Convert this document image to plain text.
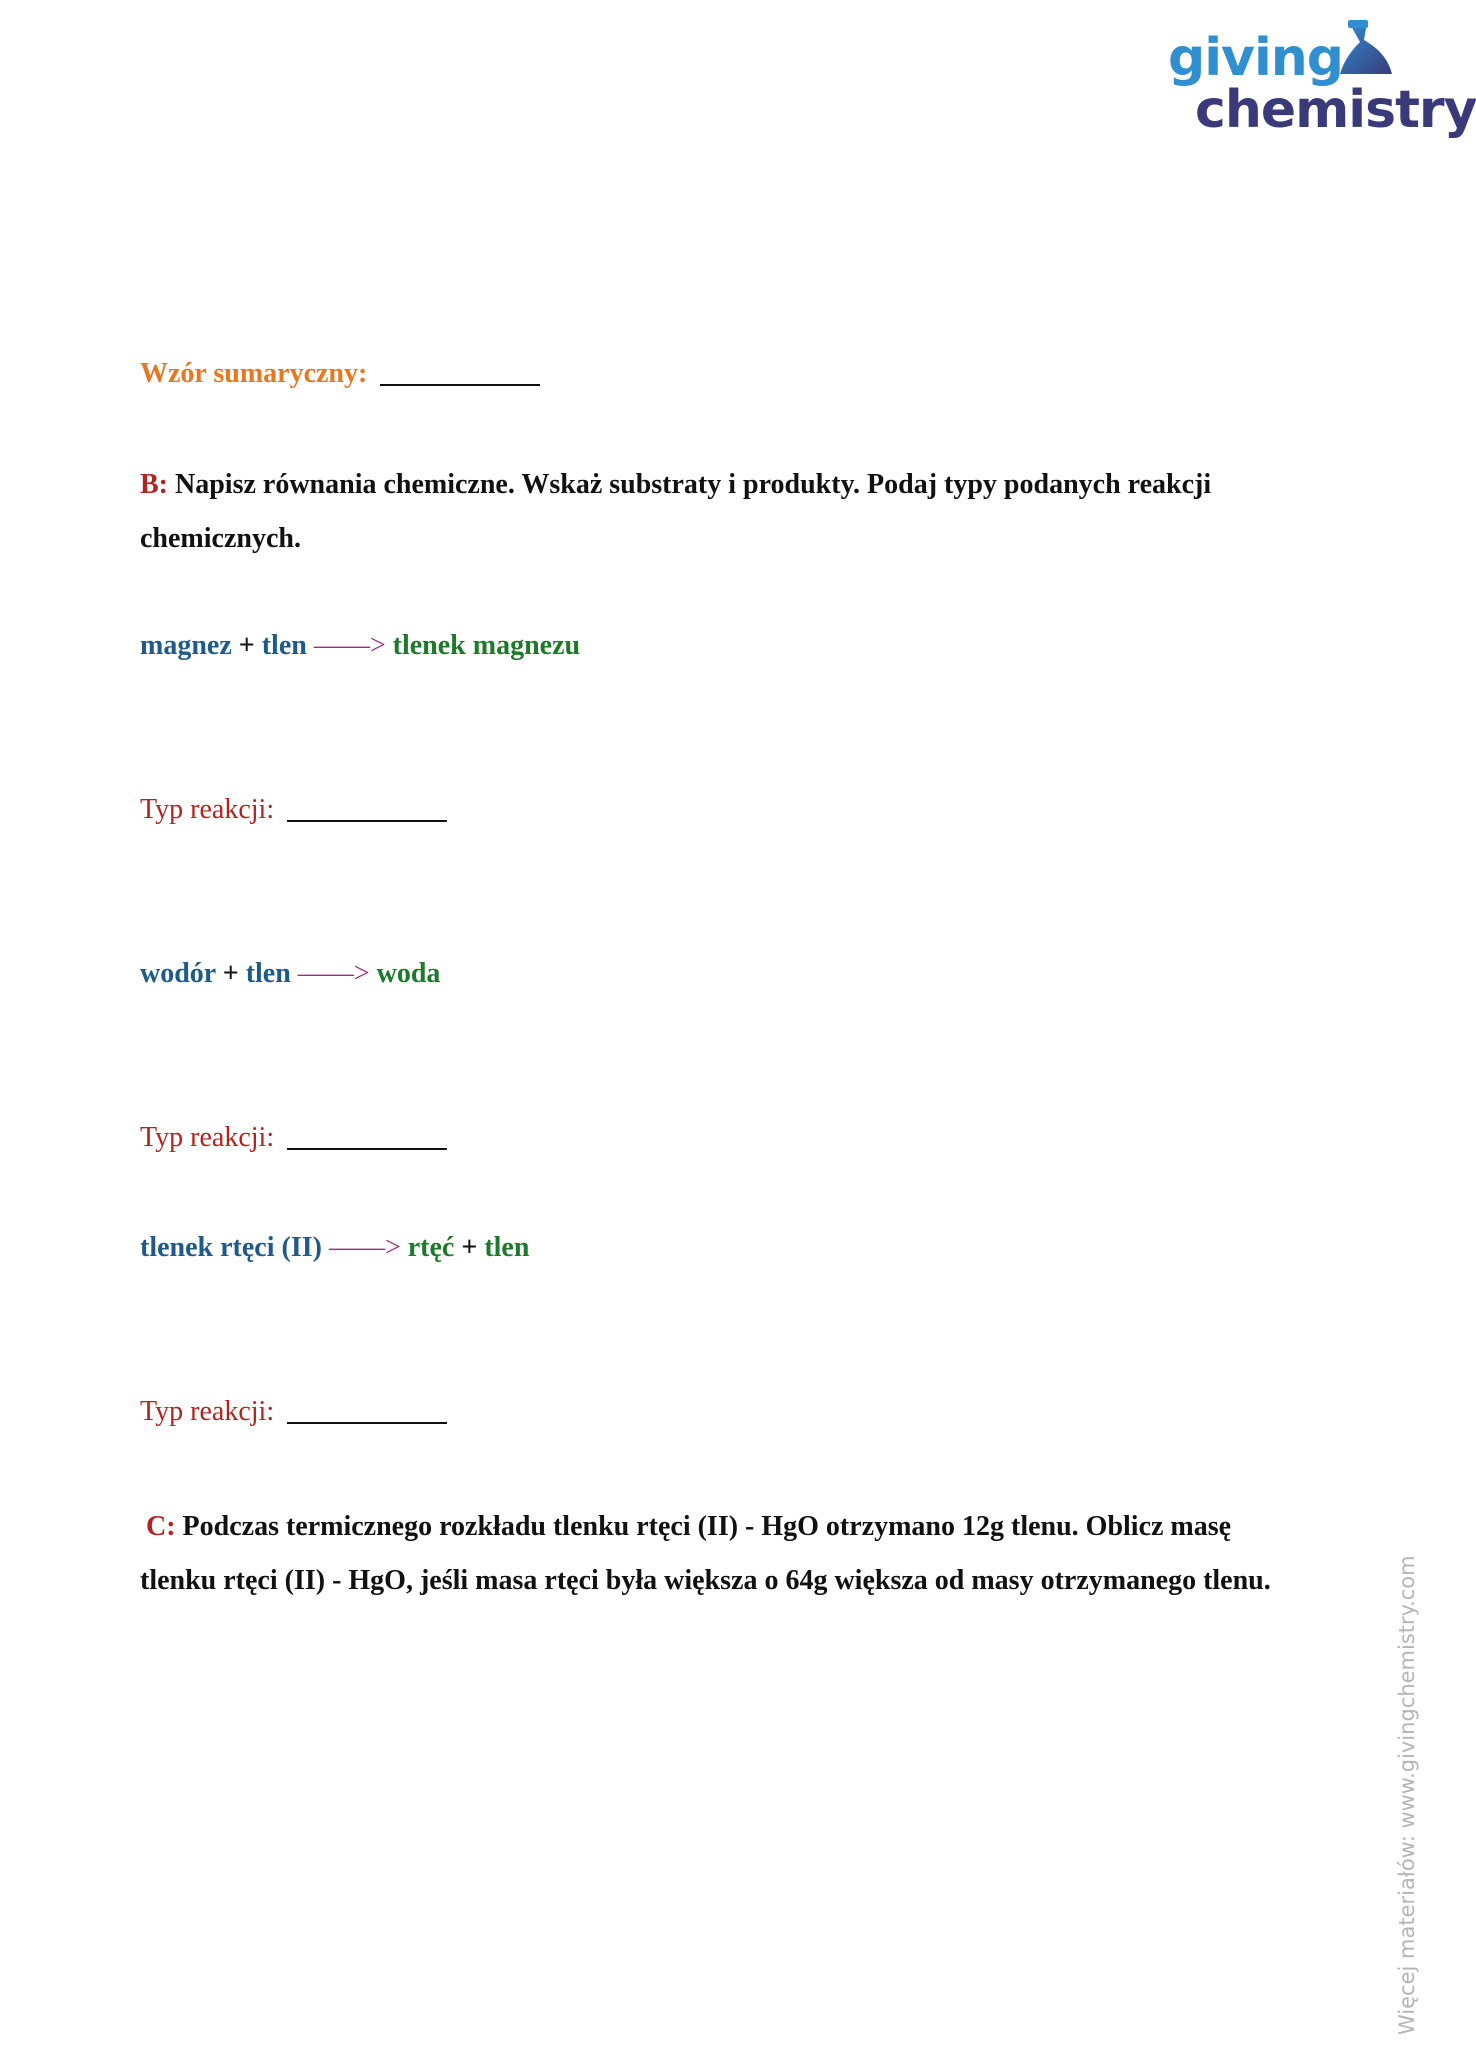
giving
chemistry
Wzór sumaryczny:
B: Napisz równania chemiczne. Wskaż substraty i produkty. Podaj typy podanych reakcji chemicznych.
magnez + tlen ——> tlenek magnezu
Typ reakcji:
wodór + tlen ——> woda
Typ reakcji:
tlenek rtęci (II) ——> rtęć + tlen
Typ reakcji:
C: Podczas termicznego rozkładu tlenku rtęci (II) - HgO otrzymano 12g tlenu. Oblicz masę tlenku rtęci (II) - HgO, jeśli masa rtęci była większa o 64g większa od masy otrzymanego tlenu.	Więcej materiałów: www.givingchemistry.com
